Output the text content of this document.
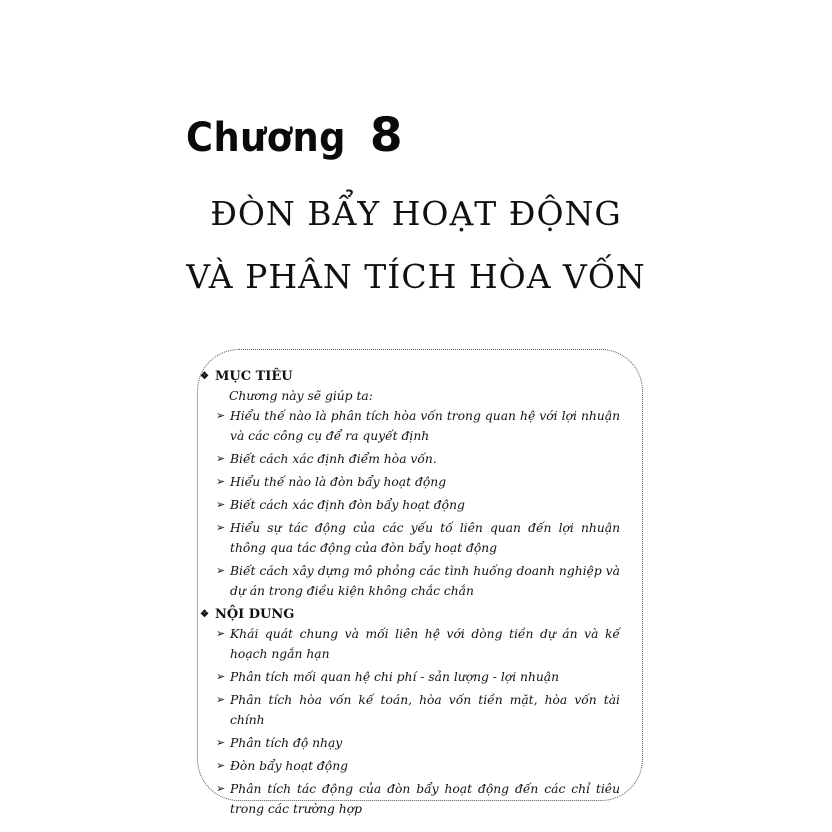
Chương 8
ĐÒN BẨY HOẠT ĐỘNG
VÀ PHÂN TÍCH HÒA VỐN
❖ MỤC TIÊU
Chương này sẽ giúp ta:
➢ Hiểu thế nào là phân tích hòa vốn trong quan hệ với lợi nhuận và các công cụ để ra quyết định
➢ Biết cách xác định điểm hòa vốn.
➢ Hiểu thế nào là đòn bẩy hoạt động
➢ Biết cách xác định đòn bẩy hoạt động
➢ Hiểu sự tác động của các yếu tố liên quan đến lợi nhuận thông qua tác động của đòn bẩy hoạt động
➢ Biết cách xây dựng mô phỏng các tình huống doanh nghiệp và dự án trong điều kiện không chắc chắn
❖ NỘI DUNG
➢ Khái quát chung và mối liên hệ với dòng tiền dự án và kế hoạch ngắn hạn
➢ Phân tích mối quan hệ chi phí - sản lượng - lợi nhuận
➢ Phân tích hòa vốn kế toán, hòa vốn tiền mặt, hòa vốn tài chính
➢ Phân tích độ nhạy
➢ Đòn bẩy hoạt động
➢ Phân tích tác động của đòn bẩy hoạt động đến các chỉ tiêu trong các trường hợp
